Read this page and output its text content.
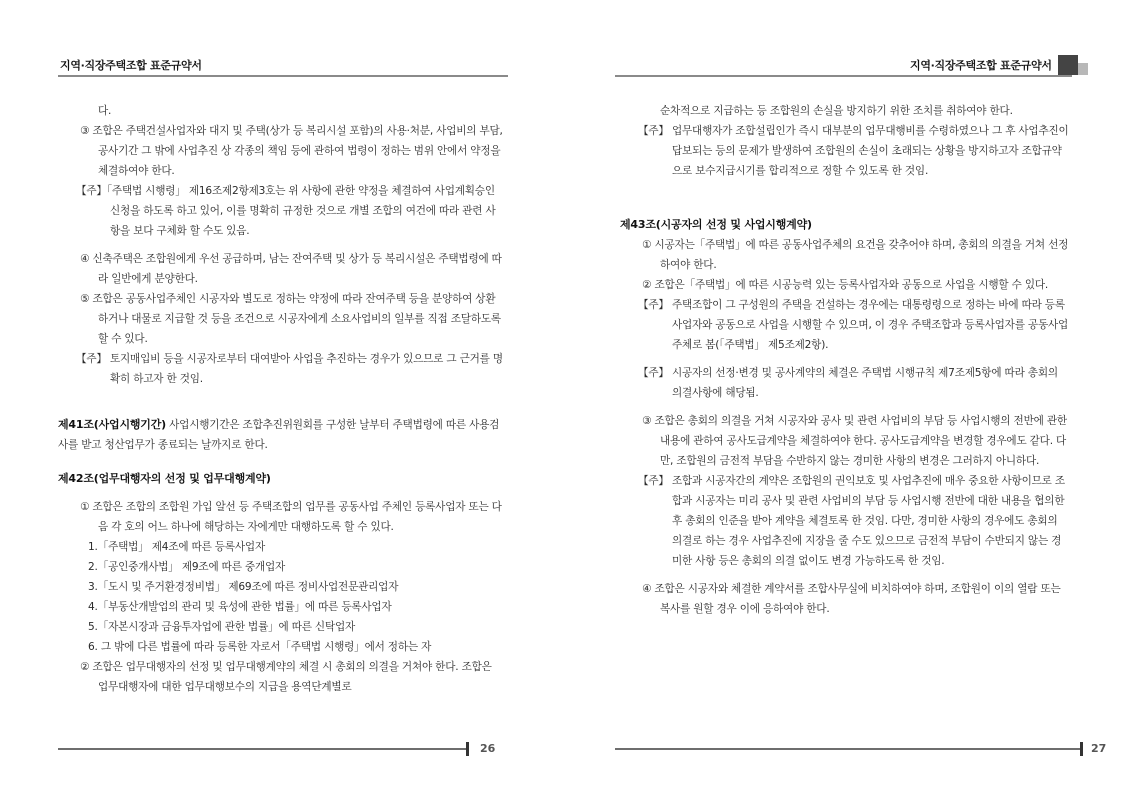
지역·직장주택조합 표준규약서

다.

③ 조합은 주택건설사업자와 대지 및 주택(상가 등 복리시설 포함)의 사용·처분, 사업비의 부담, 공사기간 그 밖에 사업추진 상 각종의 책임 등에 관하여 법령이 정하는 범위 안에서 약정을 체결하여야 한다.

【주】「주택법 시행령」 제16조제2항제3호는 위 사항에 관한 약정을 체결하여 사업계획승인 신청을 하도록 하고 있어, 이를 명확히 규정한 것으로 개별 조합의 여건에 따라 관련 사항을 보다 구체화 할 수도 있음.

④ 신축주택은 조합원에게 우선 공급하며, 남는 잔여주택 및 상가 등 복리시설은 주택법령에 따라 일반에게 분양한다.

⑤ 조합은 공동사업주체인 시공자와 별도로 정하는 약정에 따라 잔여주택 등을 분양하여 상환하거나 대물로 지급할 것 등을 조건으로 시공자에게 소요사업비의 일부를 직접 조달하도록 할 수 있다.

【주】 토지매입비 등을 시공자로부터 대여받아 사업을 추진하는 경우가 있으므로 그 근거를 명확히 하고자 한 것임.

제41조(사업시행기간) 사업시행기간은 조합추진위원회를 구성한 날부터 주택법령에 따른 사용검사를 받고 청산업무가 종료되는 날까지로 한다.

제42조(업무대행자의 선정 및 업무대행계약)

① 조합은 조합의 조합원 가입 알선 등 주택조합의 업무를 공동사업 주체인 등록사업자 또는 다음 각 호의 어느 하나에 해당하는 자에게만 대행하도록 할 수 있다.

1.「주택법」 제4조에 따른 등록사업자

2.「공인중개사법」 제9조에 따른 중개업자

3.「도시 및 주거환경정비법」 제69조에 따른 정비사업전문관리업자

4.「부동산개발업의 관리 및 육성에 관한 법률」에 따른 등록사업자

5.「자본시장과 금융투자업에 관한 법률」에 따른 신탁업자

6. 그 밖에 다른 법률에 따라 등록한 자로서「주택법 시행령」에서 정하는 자

② 조합은 업무대행자의 선정 및 업무대행계약의 체결 시 총회의 의결을 거쳐야 한다. 조합은 업무대행자에 대한 업무대행보수의 지급을 용역단계별로

26
지역·직장주택조합 표준규약서

순차적으로 지급하는 등 조합원의 손실을 방지하기 위한 조치를 취하여야 한다.

【주】 업무대행자가 조합설립인가 즉시 대부분의 업무대행비를 수령하였으나 그 후 사업추진이 답보되는 등의 문제가 발생하여 조합원의 손실이 초래되는 상황을 방지하고자 조합규약으로 보수지급시기를 합리적으로 정할 수 있도록 한 것임.

제43조(시공자의 선정 및 사업시행계약)

① 시공자는「주택법」에 따른 공동사업주체의 요건을 갖추어야 하며, 총회의 의결을 거쳐 선정하여야 한다.

② 조합은「주택법」에 따른 시공능력 있는 등록사업자와 공동으로 사업을 시행할 수 있다.

【주】 주택조합이 그 구성원의 주택을 건설하는 경우에는 대통령령으로 정하는 바에 따라 등록사업자와 공동으로 사업을 시행할 수 있으며, 이 경우 주택조합과 등록사업자를 공동사업주체로 봄(「주택법」 제5조제2항).

【주】 시공자의 선정·변경 및 공사계약의 체결은 주택법 시행규칙 제7조제5항에 따라 총회의 의결사항에 해당됨.

③ 조합은 총회의 의결을 거쳐 시공자와 공사 및 관련 사업비의 부담 등 사업시행의 전반에 관한 내용에 관하여 공사도급계약을 체결하여야 한다. 공사도급계약을 변경할 경우에도 같다. 다만, 조합원의 금전적 부담을 수반하지 않는 경미한 사항의 변경은 그러하지 아니하다.

【주】 조합과 시공자간의 계약은 조합원의 권익보호 및 사업추진에 매우 중요한 사항이므로 조합과 시공자는 미리 공사 및 관련 사업비의 부담 등 사업시행 전반에 대한 내용을 협의한 후 총회의 인준을 받아 계약을 체결토록 한 것임. 다만, 경미한 사항의 경우에도 총회의 의결로 하는 경우 사업추진에 지장을 줄 수도 있으므로 금전적 부담이 수반되지 않는 경미한 사항 등은 총회의 의결 없이도 변경 가능하도록 한 것임.

④ 조합은 시공자와 체결한 계약서를 조합사무실에 비치하여야 하며, 조합원이 이의 열람 또는 복사를 원할 경우 이에 응하여야 한다.

27
